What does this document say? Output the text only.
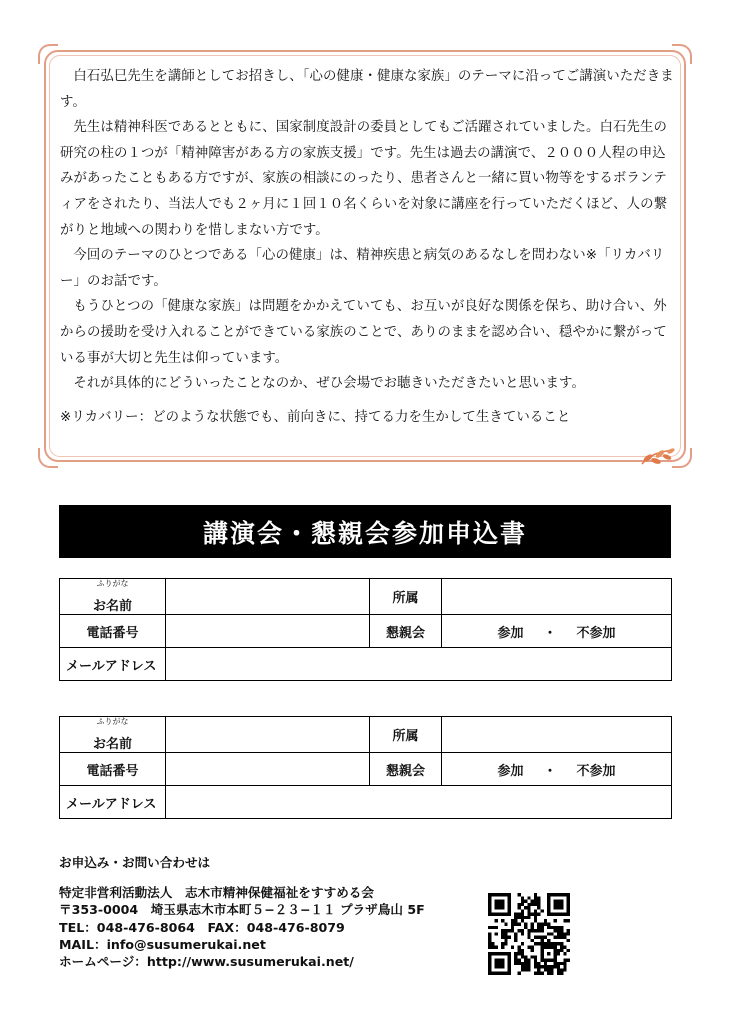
白石弘巳先生を講師としてお招きし、「心の健康・健康な家族」のテーマに沿ってご講演いただきます。

先生は精神科医であるとともに、国家制度設計の委員としてもご活躍されていました。白石先生の研究の柱の１つが「精神障害がある方の家族支援」です。先生は過去の講演で、２０００人程の申込みがあったこともある方ですが、家族の相談にのったり、患者さんと一緒に買い物等をするボランティアをされたり、当法人でも２ヶ月に１回１０名くらいを対象に講座を行っていただくほど、人の繋がりと地域への関わりを惜しまない方です。

今回のテーマのひとつである「心の健康」は、精神疾患と病気のあるなしを問わない※「リカバリー」のお話です。

もうひとつの「健康な家族」は問題をかかえていても、お互いが良好な関係を保ち、助け合い、外からの援助を受け入れることができている家族のことで、ありのままを認め合い、穏やかに繋がっている事が大切と先生は仰っています。

それが具体的にどういったことなのか、ぜひ会場でお聴きいただきたいと思います。

※リカバリー：どのような状態でも、前向きに、持てる力を生かして生きていること

講演会・懇親会参加申込書
ふりがな
お名前		所属	
電話番号		懇親会	参加 ・ 不参加
メールアドレス			
ふりがな
お名前		所属	
電話番号		懇親会	参加 ・ 不参加
メールアドレス			
お申込み・お問い合わせは
特定非営利活動法人　志木市精神保健福祉をすすめる会
〒353-0004　埼玉県志木市本町５−２３−１１ プラザ鳥山 5F
TEL：048-476-8064　FAX：048-476-8079
MAIL：info@susumerukai.net
ホームページ：http://www.susumerukai.net/
